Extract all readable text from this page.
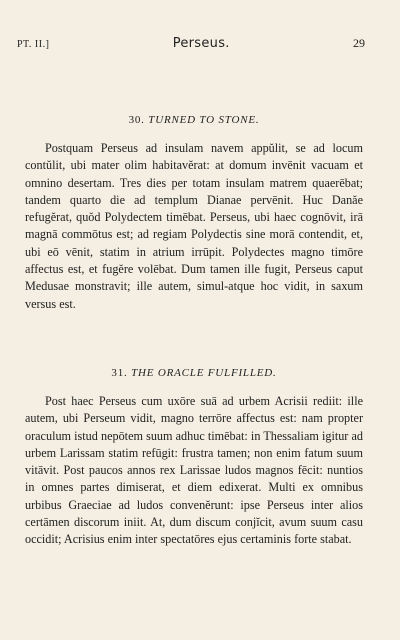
PT. II.]	Perseus.	29

30. TURNED TO STONE.

Postquam Perseus ad insulam navem appŭlit, se ad locum contŭlit, ubi mater olim habitavĕrat: at domum invēnit vacuam et omnino desertam. Tres dies per totam insulam matrem quaerēbat; tandem quarto die ad templum Dianae pervēnit. Huc Danăe refugĕrat, quŏd Polydectem timēbat. Perseus, ubi haec cognōvit, irā magnā commōtus est; ad regiam Polydectis sine morā contendit, et, ubi eō vēnit, statim in atrium irrūpit. Polydectes magno timōre affectus est, et fugĕre volēbat. Dum tamen ille fugit, Perseus caput Medusae monstravit; ille autem, simul-atque hoc vidit, in saxum versus est.

31. THE ORACLE FULFILLED.

Post haec Perseus cum uxōre suā ad urbem Acrisii rediit: ille autem, ubi Perseum vidit, magno terrōre affectus est: nam propter oraculum istud nepōtem suum adhuc timēbat: in Thessaliam igitur ad urbem Larissam statim refūgit: frustra tamen; non enim fatum suum vitāvit. Post paucos annos rex Larissae ludos magnos fēcit: nuntios in omnes partes dimiserat, et diem edixerat. Multi ex omnibus urbibus Graeciae ad ludos convenĕrunt: ipse Perseus inter alios certāmen discorum iniit. At, dum discum conjĭcit, avum suum casu occidit; Acrisius enim inter spectatōres ejus certaminis forte stabat.
